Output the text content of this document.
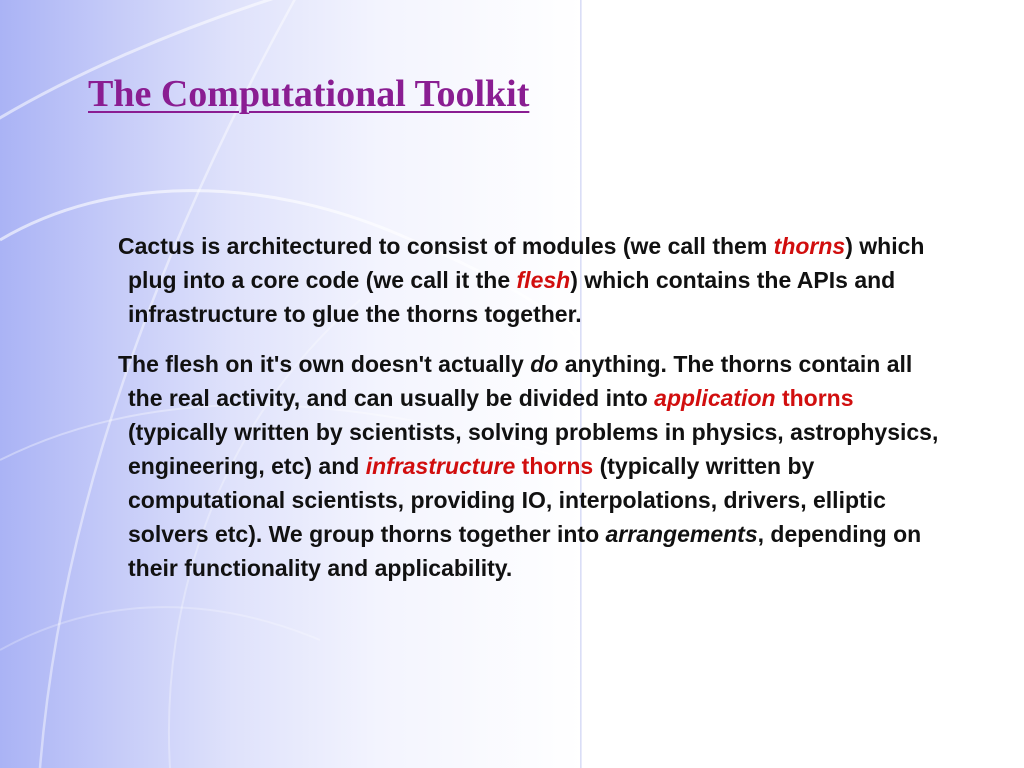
The Computational Toolkit

Cactus is architectured to consist of modules (we call them thorns) which plug into a core code (we call it the flesh) which contains the APIs and infrastructure to glue the thorns together.

The flesh on it's own doesn't actually do anything. The thorns contain all the real activity, and can usually be divided into application thorns (typically written by scientists, solving problems in physics, astrophysics, engineering, etc) and infrastructure thorns (typically written by computational scientists, providing IO, interpolations, drivers, elliptic solvers etc). We group thorns together into arrangements, depending on their functionality and applicability.
